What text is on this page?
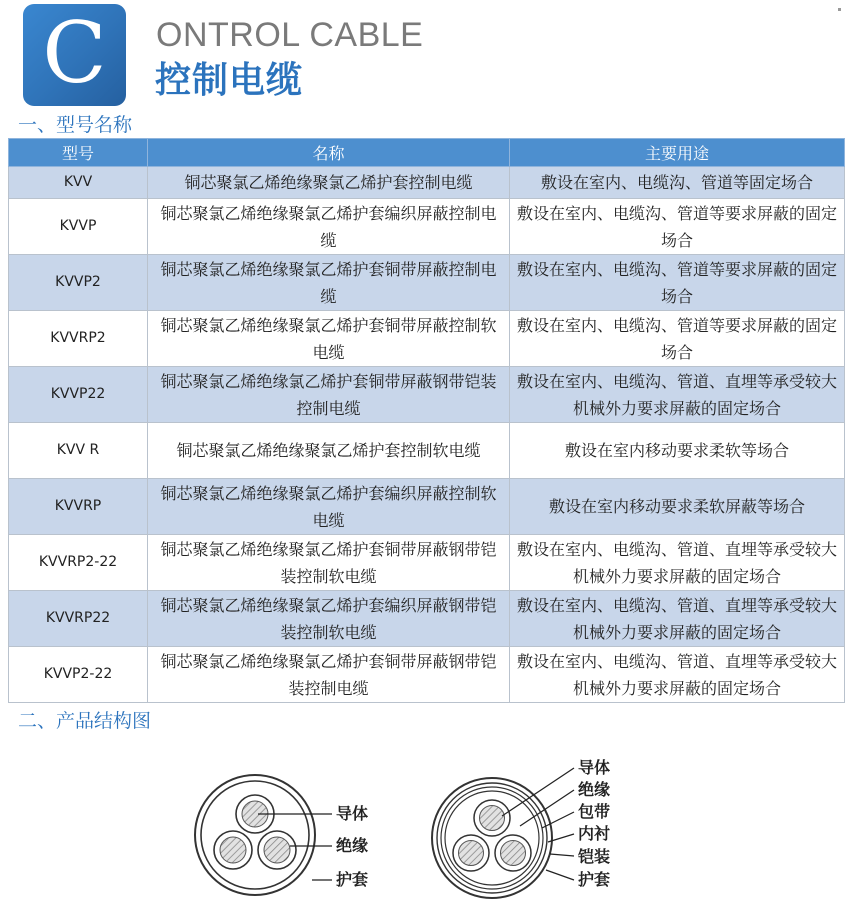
C ONTROL CABLE
控制电缆
一、型号名称
型号	名称	主要用途
KVV	铜芯聚氯乙烯绝缘聚氯乙烯护套控制电缆	敷设在室内、电缆沟、管道等固定场合
KVVP	铜芯聚氯乙烯绝缘聚氯乙烯护套编织屏蔽控制电缆	敷设在室内、电缆沟、管道等要求屏蔽的固定场合
KVVP2	铜芯聚氯乙烯绝缘聚氯乙烯护套铜带屏蔽控制电缆	敷设在室内、电缆沟、管道等要求屏蔽的固定场合
KVVRP2	铜芯聚氯乙烯绝缘聚氯乙烯护套铜带屏蔽控制软电缆	敷设在室内、电缆沟、管道等要求屏蔽的固定场合
KVVP22	铜芯聚氯乙烯绝缘氯乙烯护套铜带屏蔽钢带铠装控制电缆	敷设在室内、电缆沟、管道、直埋等承受较大机械外力要求屏蔽的固定场合
KVV R	铜芯聚氯乙烯绝缘聚氯乙烯护套控制软电缆	敷设在室内移动要求柔软等场合
KVVRP	铜芯聚氯乙烯绝缘聚氯乙烯护套编织屏蔽控制软电缆	敷设在室内移动要求柔软屏蔽等场合
KVVRP2-22	铜芯聚氯乙烯绝缘聚氯乙烯护套铜带屏蔽钢带铠装控制软电缆	敷设在室内、电缆沟、管道、直埋等承受较大机械外力要求屏蔽的固定场合
KVVRP22	铜芯聚氯乙烯绝缘聚氯乙烯护套编织屏蔽钢带铠装控制软电缆	敷设在室内、电缆沟、管道、直埋等承受较大机械外力要求屏蔽的固定场合
KVVP2-22	铜芯聚氯乙烯绝缘聚氯乙烯护套铜带屏蔽钢带铠装控制电缆	敷设在室内、电缆沟、管道、直埋等承受较大机械外力要求屏蔽的固定场合
二、产品结构图
导体
绝缘
护套
导体
绝缘
包带
内衬
铠装
护套
